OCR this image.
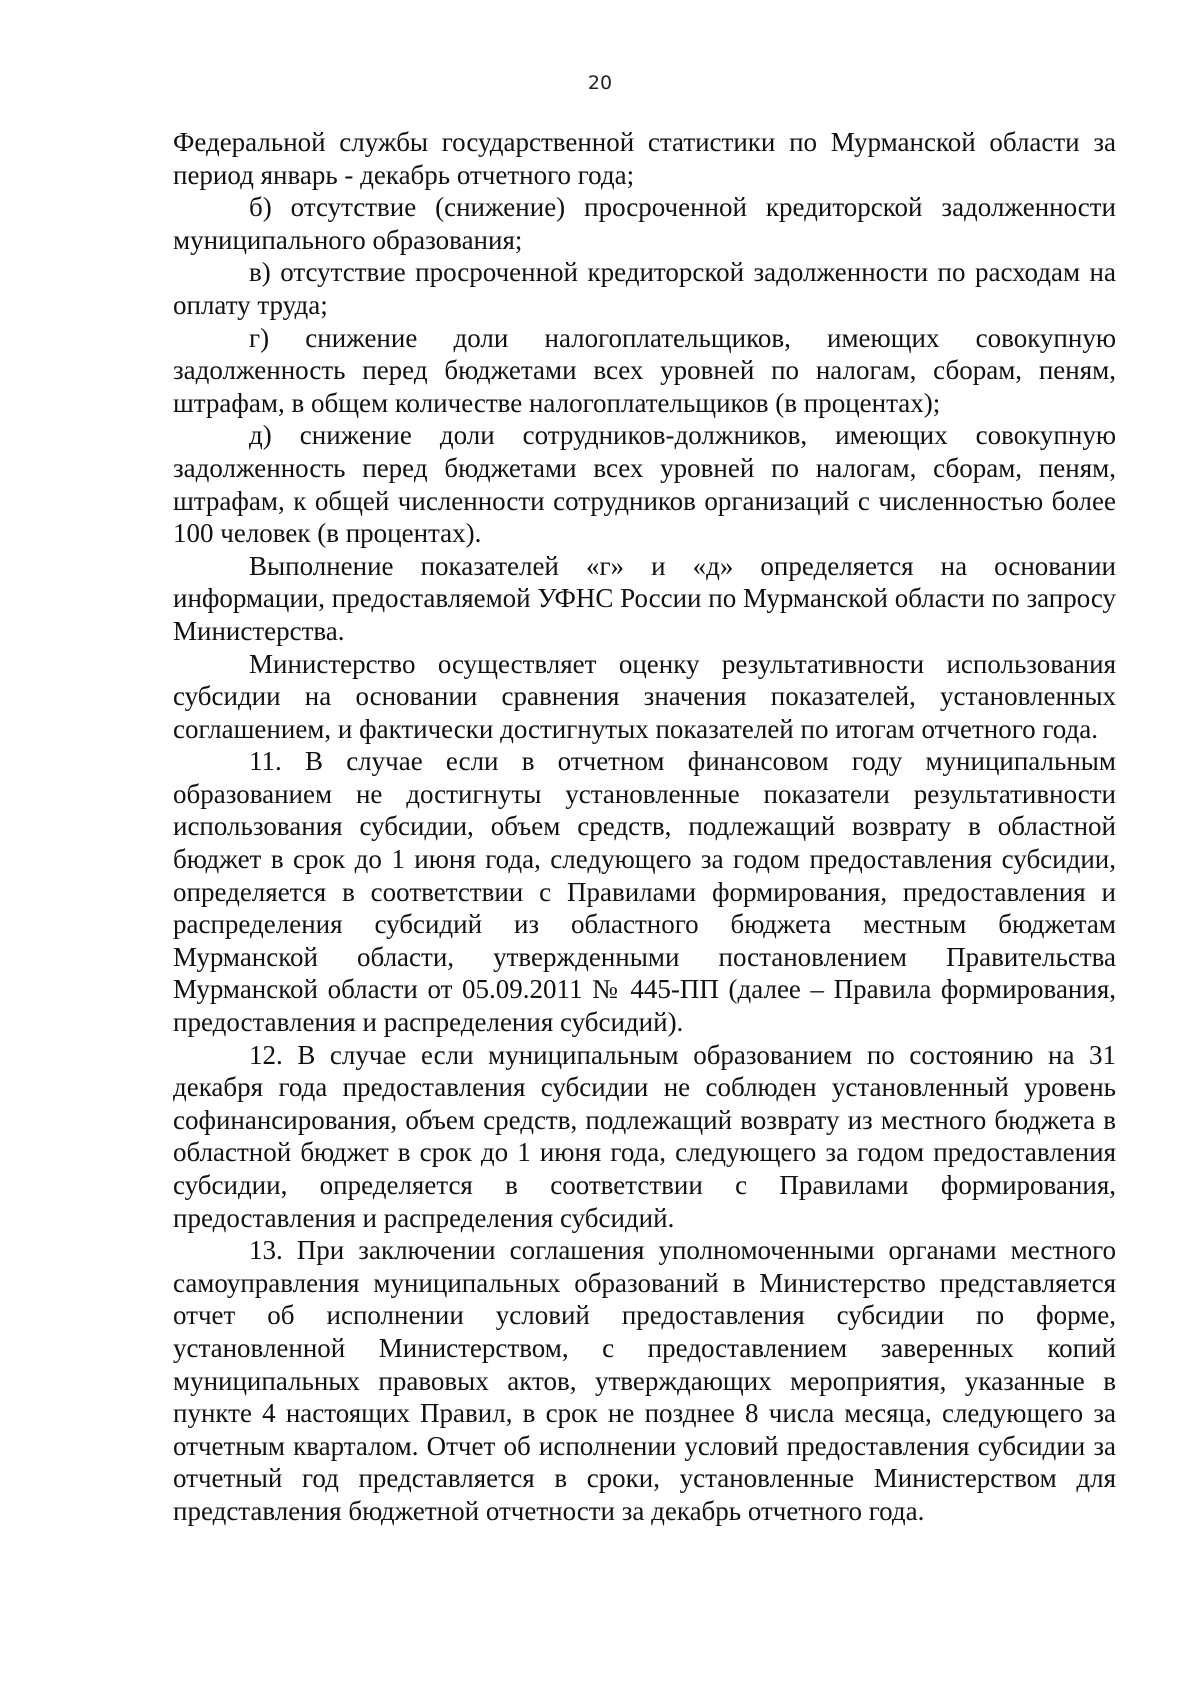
20

Федеральной службы государственной статистики по Мурманской области за период январь - декабрь отчетного года;

б) отсутствие (снижение) просроченной кредиторской задолженности муниципального образования;

в) отсутствие просроченной кредиторской задолженности по расходам на оплату труда;

г) снижение доли налогоплательщиков, имеющих совокупную задолженность перед бюджетами всех уровней по налогам, сборам, пеням, штрафам, в общем количестве налогоплательщиков (в процентах);

д) снижение доли сотрудников-должников, имеющих совокупную задолженность перед бюджетами всех уровней по налогам, сборам, пеням, штрафам, к общей численности сотрудников организаций с численностью более 100 человек (в процентах).

Выполнение показателей «г» и «д» определяется на основании информации, предоставляемой УФНС России по Мурманской области по запросу Министерства.

Министерство осуществляет оценку результативности использования субсидии на основании сравнения значения показателей, установленных соглашением, и фактически достигнутых показателей по итогам отчетного года.

11. В случае если в отчетном финансовом году муниципальным образованием не достигнуты установленные показатели результативности использования субсидии, объем средств, подлежащий возврату в областной бюджет в срок до 1 июня года, следующего за годом предоставления субсидии, определяется в соответствии с Правилами формирования, предоставления и распределения субсидий из областного бюджета местным бюджетам Мурманской области, утвержденными постановлением Правительства Мурманской области от 05.09.2011 № 445-ПП (далее – Правила формирования, предоставления и распределения субсидий).

12. В случае если муниципальным образованием по состоянию на 31 декабря года предоставления субсидии не соблюден установленный уровень софинансирования, объем средств, подлежащий возврату из местного бюджета в областной бюджет в срок до 1 июня года, следующего за годом предоставления субсидии, определяется в соответствии с Правилами формирования, предоставления и распределения субсидий.

13. При заключении соглашения уполномоченными органами местного самоуправления муниципальных образований в Министерство представляется отчет об исполнении условий предоставления субсидии по форме, установленной Министерством, с предоставлением заверенных копий муниципальных правовых актов, утверждающих мероприятия, указанные в пункте 4 настоящих Правил, в срок не позднее 8 числа месяца, следующего за отчетным кварталом. Отчет об исполнении условий предоставления субсидии за отчетный год представляется в сроки, установленные Министерством для представления бюджетной отчетности за декабрь отчетного года.
